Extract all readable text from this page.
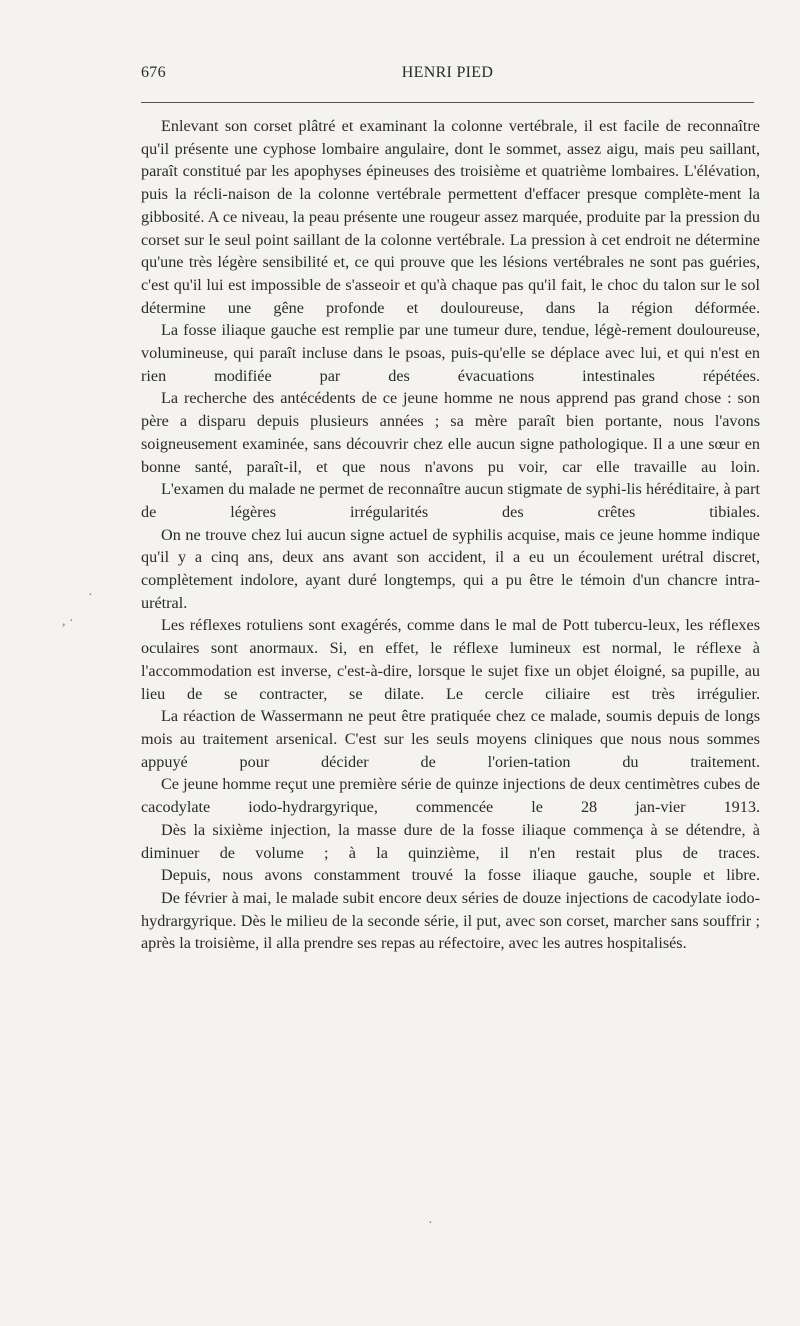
676	HENRI PIED

Enlevant son corset plâtré et examinant la colonne vertébrale, il est facile de reconnaître qu'il présente une cyphose lombaire angulaire, dont le sommet, assez aigu, mais peu saillant, paraît constitué par les apophyses épineuses des troisième et quatrième lombaires. L'élévation, puis la récli-naison de la colonne vertébrale permettent d'effacer presque complète-ment la gibbosité. A ce niveau, la peau présente une rougeur assez marquée, produite par la pression du corset sur le seul point saillant de la colonne vertébrale. La pression à cet endroit ne détermine qu'une très légère sensibilité et, ce qui prouve que les lésions vertébrales ne sont pas guéries, c'est qu'il lui est impossible de s'asseoir et qu'à chaque pas qu'il fait, le choc du talon sur le sol détermine une gêne profonde et douloureuse, dans la région déformée.

La fosse iliaque gauche est remplie par une tumeur dure, tendue, légè-rement douloureuse, volumineuse, qui paraît incluse dans le psoas, puis-qu'elle se déplace avec lui, et qui n'est en rien modifiée par des évacuations intestinales répétées.

La recherche des antécédents de ce jeune homme ne nous apprend pas grand chose : son père a disparu depuis plusieurs années ; sa mère paraît bien portante, nous l'avons soigneusement examinée, sans découvrir chez elle aucun signe pathologique. Il a une sœur en bonne santé, paraît-il, et que nous n'avons pu voir, car elle travaille au loin.

L'examen du malade ne permet de reconnaître aucun stigmate de syphi-lis héréditaire, à part de légères irrégularités des crêtes tibiales.

On ne trouve chez lui aucun signe actuel de syphilis acquise, mais ce jeune homme indique qu'il y a cinq ans, deux ans avant son accident, il a eu un écoulement urétral discret, complètement indolore, ayant duré longtemps, qui a pu être le témoin d'un chancre intra-urétral.

Les réflexes rotuliens sont exagérés, comme dans le mal de Pott tubercu-leux, les réflexes oculaires sont anormaux. Si, en effet, le réflexe lumineux est normal, le réflexe à l'accommodation est inverse, c'est-à-dire, lorsque le sujet fixe un objet éloigné, sa pupille, au lieu de se contracter, se dilate. Le cercle ciliaire est très irrégulier.

La réaction de Wassermann ne peut être pratiquée chez ce malade, soumis depuis de longs mois au traitement arsenical. C'est sur les seuls moyens cliniques que nous nous sommes appuyé pour décider de l'orien-tation du traitement.

Ce jeune homme reçut une première série de quinze injections de deux centimètres cubes de cacodylate iodo-hydrargyrique, commencée le 28 jan-vier 1913.

Dès la sixième injection, la masse dure de la fosse iliaque commença à se détendre, à diminuer de volume ; à la quinzième, il n'en restait plus de traces.

Depuis, nous avons constamment trouvé la fosse iliaque gauche, souple et libre.

De février à mai, le malade subit encore deux séries de douze injections de cacodylate iodo-hydrargyrique. Dès le milieu de la seconde série, il put, avec son corset, marcher sans souffrir ; après la troisième, il alla prendre ses repas au réfectoire, avec les autres hospitalisés.

·
, ·
·
